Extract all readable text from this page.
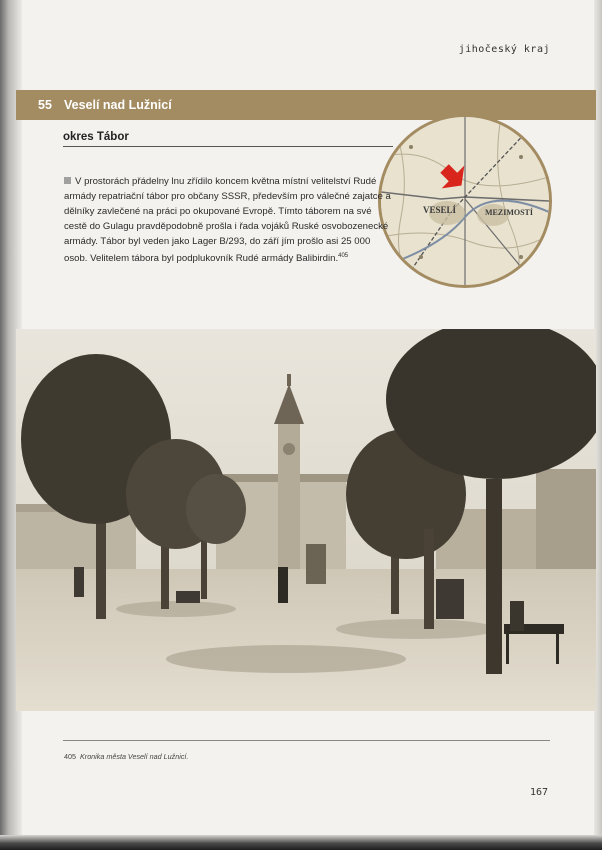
jihočeský kraj
55 Veselí nad Lužnicí
okres Tábor
VESELÍ	MEZIMOSTÍ
V prostorách přádelny lnu zřídilo koncem května místní velitelství Rudé armády repatriační tábor pro občany SSSR, především pro válečné zajatce a dělníky zavlečené na práci po okupované Evropě. Tímto táborem na své cestě do Gulagu pravděpodobně prošla i řada vojáků Ruské osvobozenecké armády. Tábor byl veden jako Lager B/293, do září jím prošlo asi 25 000 osob. Velitelem tábora byl podplukovník Rudé armády Balibirdin.$^{405}$
405 Kronika města Veselí nad Lužnicí.
167
